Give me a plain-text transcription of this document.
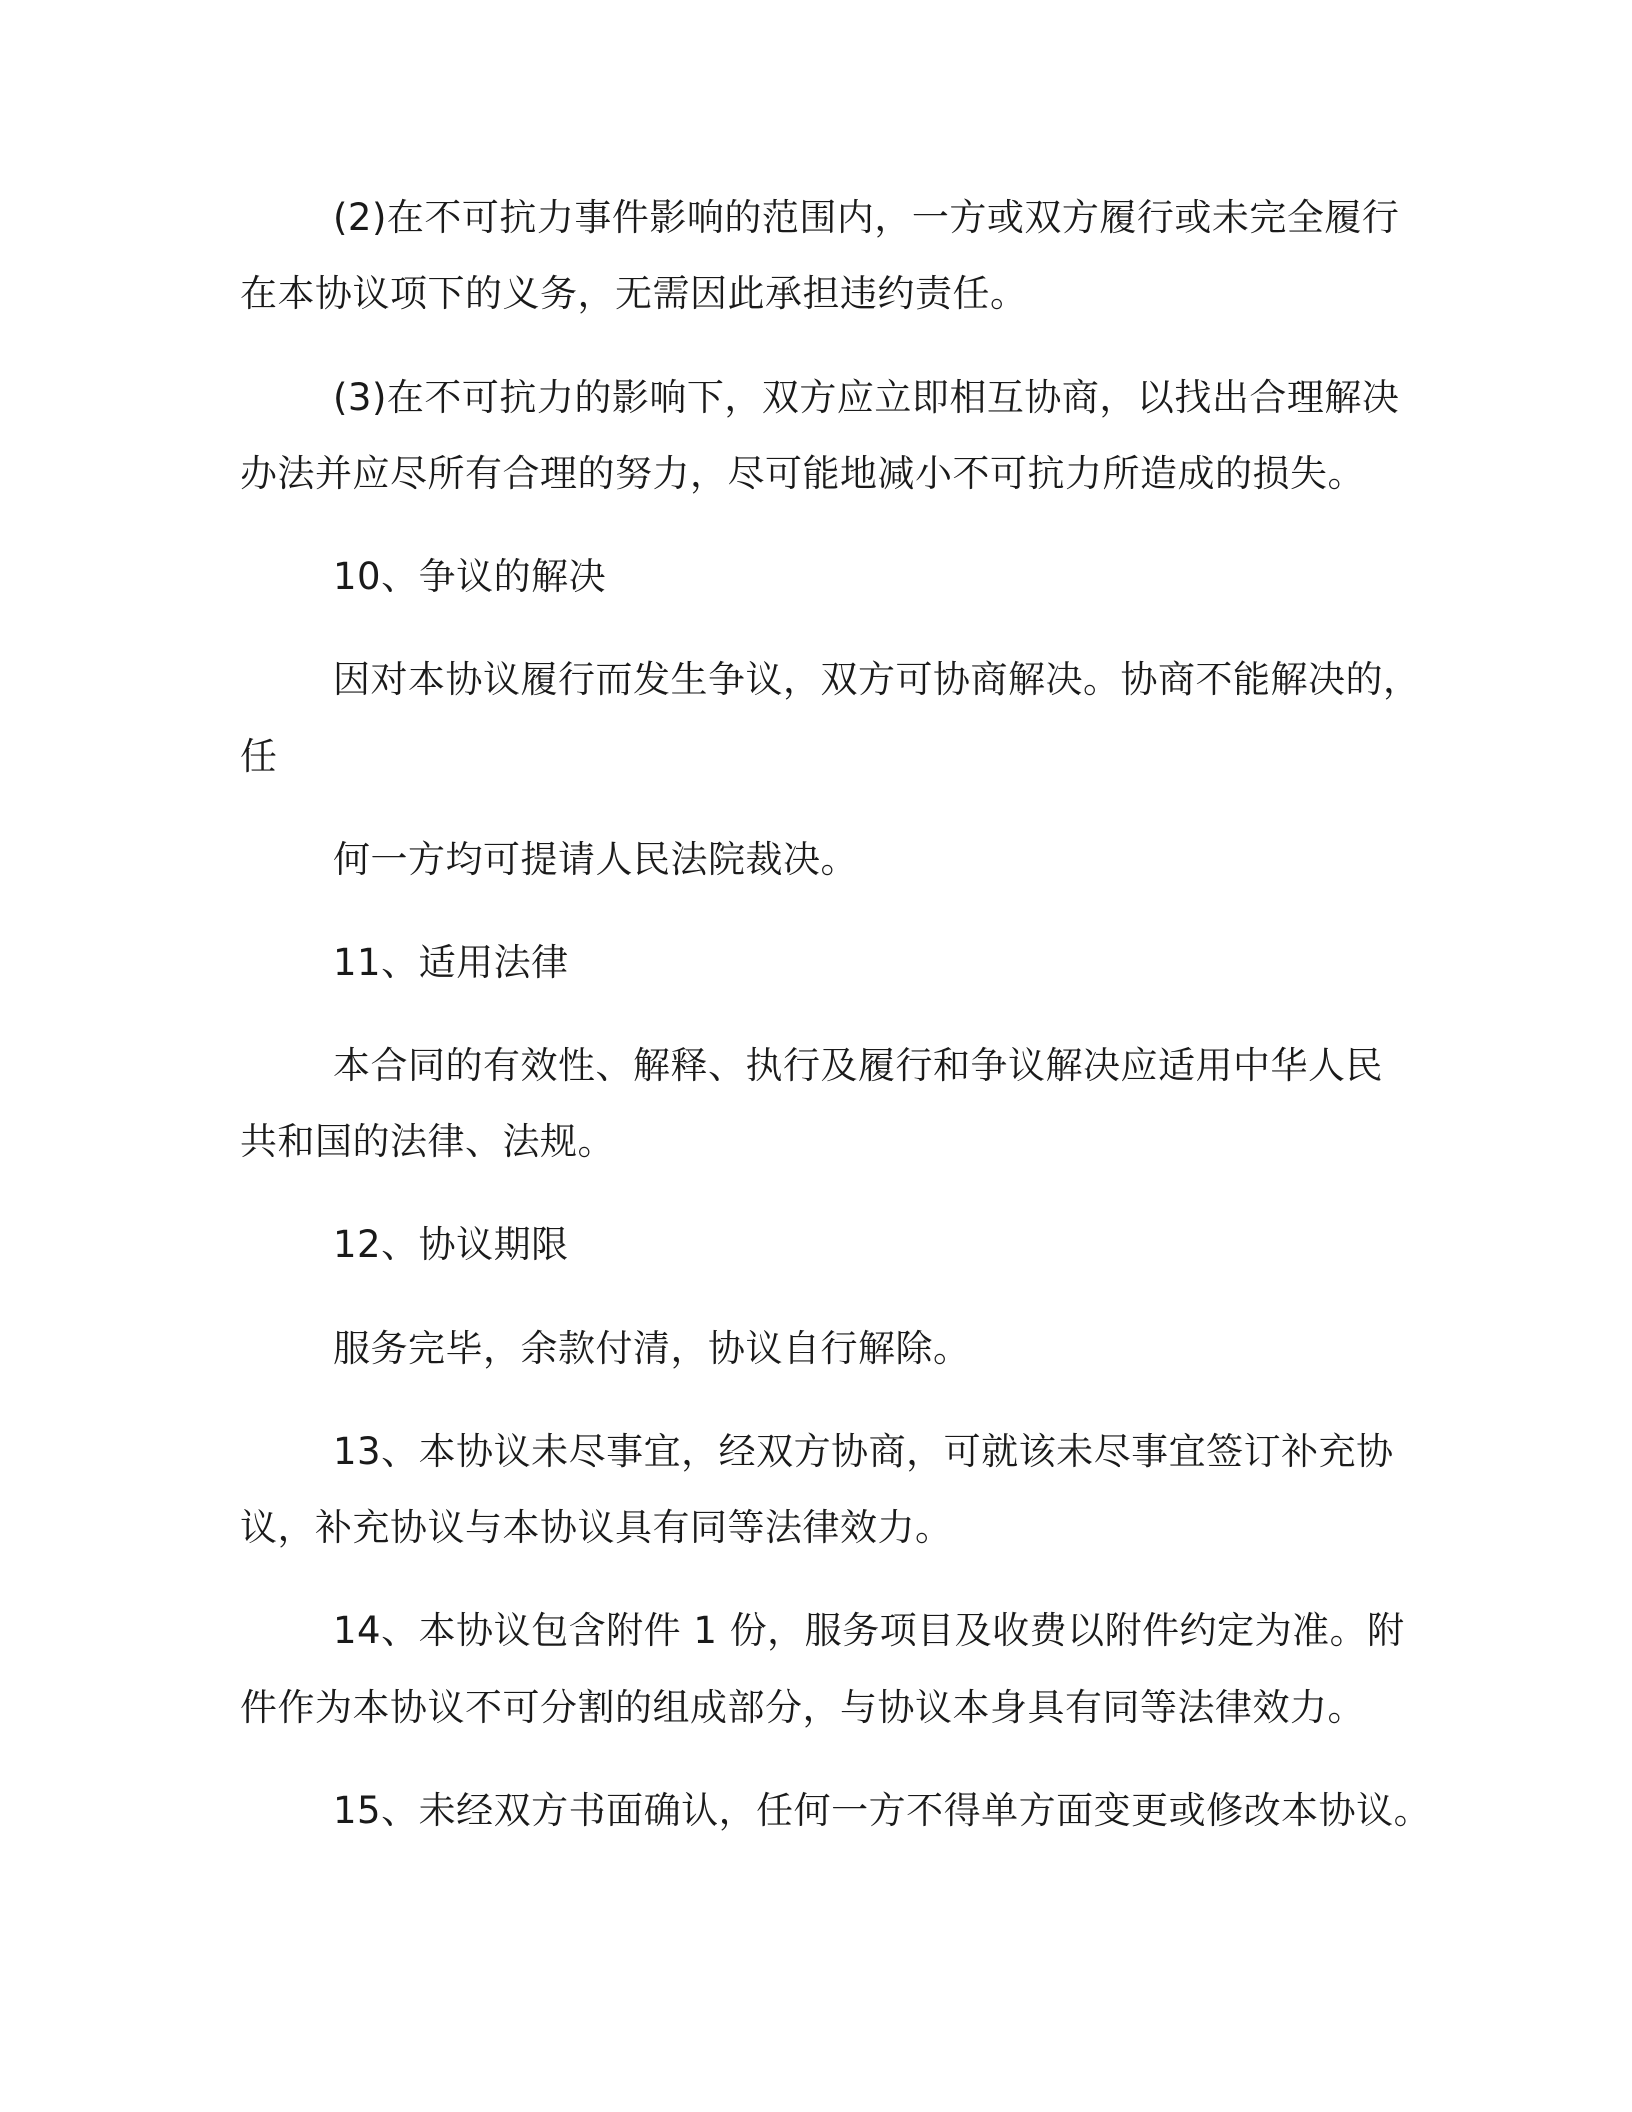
(2)在不可抗力事件影响的范围内，一方或双方履行或未完全履行
在本协议项下的义务，无需因此承担违约责任。
(3)在不可抗力的影响下，双方应立即相互协商，以找出合理解决
办法并应尽所有合理的努力，尽可能地减小不可抗力所造成的损失。
10、争议的解决
因对本协议履行而发生争议，双方可协商解决。协商不能解决的，
任
何一方均可提请人民法院裁决。
11、适用法律
本合同的有效性、解释、执行及履行和争议解决应适用中华人民
共和国的法律、法规。
12、协议期限
服务完毕，余款付清，协议自行解除。
13、本协议未尽事宜，经双方协商，可就该未尽事宜签订补充协
议，补充协议与本协议具有同等法律效力。
14、本协议包含附件 1 份，服务项目及收费以附件约定为准。附
件作为本协议不可分割的组成部分，与协议本身具有同等法律效力。
15、未经双方书面确认，任何一方不得单方面变更或修改本协议。
